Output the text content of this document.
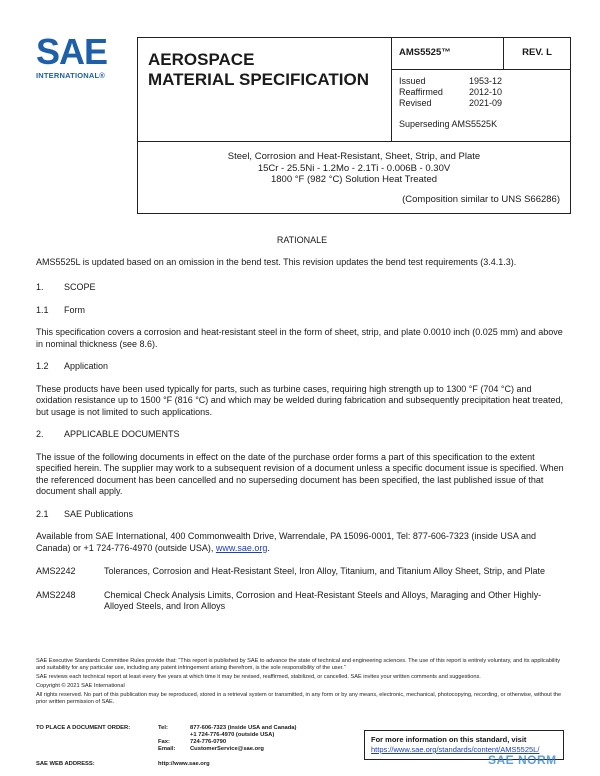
SAE
INTERNATIONAL®
AEROSPACE
MATERIAL SPECIFICATION
AMS5525™	REV. L
Issued	1953-12
Reaffirmed	2012-10
Revised	2021-09
Superseding AMS5525K
Steel, Corrosion and Heat-Resistant, Sheet, Strip, and Plate
15Cr - 25.5Ni - 1.2Mo - 2.1Ti - 0.006B - 0.30V
1800 °F (982 °C) Solution Heat Treated
(Composition similar to UNS S66286)
RATIONALE
AMS5525L is updated based on an omission in the bend test. This revision updates the bend test requirements (3.4.1.3).
1.	SCOPE
1.1	Form
This specification covers a corrosion and heat-resistant steel in the form of sheet, strip, and plate 0.0010 inch (0.025 mm) and above in nominal thickness (see 8.6).
1.2	Application
These products have been used typically for parts, such as turbine cases, requiring high strength up to 1300 °F (704 °C) and oxidation resistance up to 1500 °F (816 °C) and which may be welded during fabrication and subsequently precipitation heat treated, but usage is not limited to such applications.
2.	APPLICABLE DOCUMENTS
The issue of the following documents in effect on the date of the purchase order forms a part of this specification to the extent specified herein. The supplier may work to a subsequent revision of a document unless a specific document issue is specified. When the referenced document has been cancelled and no superseding document has been specified, the last published issue of that document shall apply.
2.1	SAE Publications
Available from SAE International, 400 Commonwealth Drive, Warrendale, PA 15096-0001, Tel: 877-606-7323 (inside USA and Canada) or +1 724-776-4970 (outside USA), www.sae.org.
AMS2242	Tolerances, Corrosion and Heat-Resistant Steel, Iron Alloy, Titanium, and Titanium Alloy Sheet, Strip, and Plate
AMS2248	Chemical Check Analysis Limits, Corrosion and Heat-Resistant Steels and Alloys, Maraging and Other Highly-Alloyed Steels, and Iron Alloys
SAE Executive Standards Committee Rules provide that: “This report is published by SAE to advance the state of technical and engineering sciences. The use of this report is entirely voluntary, and its applicability and suitability for any particular use, including any patent infringement arising therefrom, is the sole responsibility of the user.”
SAE reviews each technical report at least every five years at which time it may be revised, reaffirmed, stabilized, or cancelled. SAE invites your written comments and suggestions.
Copyright © 2021 SAE International
All rights reserved. No part of this publication may be reproduced, stored in a retrieval system or transmitted, in any form or by any means, electronic, mechanical, photocopying, recording, or otherwise, without the prior written permission of SAE.
TO PLACE A DOCUMENT ORDER:	Tel:	877-606-7323 (inside USA and Canada)
+1 724-776-4970 (outside USA)
Fax:	724-776-0790
Email:	CustomerService@sae.org
SAE WEB ADDRESS:	http://www.sae.org
For more information on this standard, visit
https://www.sae.org/standards/content/AMS5525L/
SAE NORM
